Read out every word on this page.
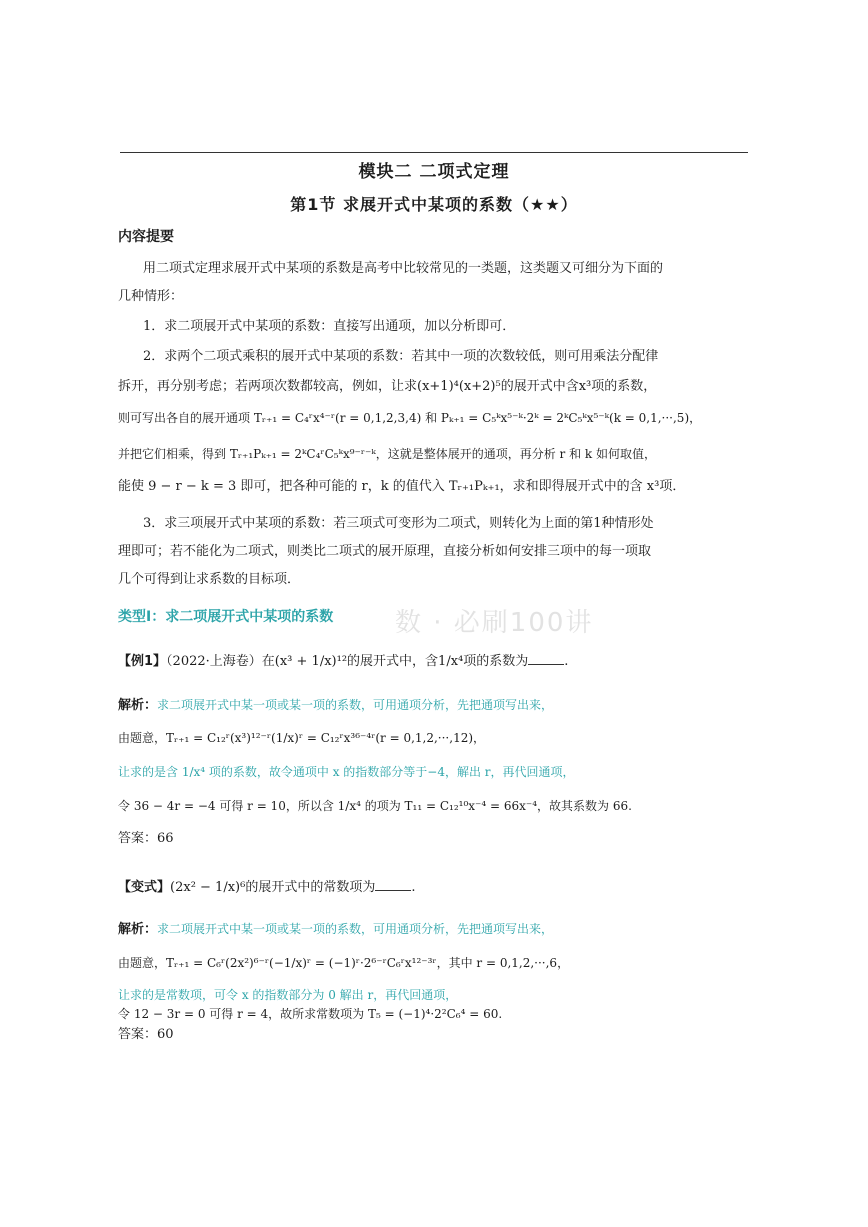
模块二 二项式定理
第1节 求展开式中某项的系数（★★）
内容提要
用二项式定理求展开式中某项的系数是高考中比较常见的一类题，这类题又可细分为下面的
几种情形：
1．求二项展开式中某项的系数：直接写出通项，加以分析即可．
2．求两个二项式乘积的展开式中某项的系数：若其中一项的次数较低，则可用乘法分配律
拆开，再分别考虑；若两项次数都较高，例如，让求(x+1)⁴(x+2)⁵的展开式中含x³项的系数，
则可写出各自的展开通项 Tᵣ₊₁ = C₄ʳx⁴⁻ʳ(r = 0,1,2,3,4) 和 Pₖ₊₁ = C₅ᵏx⁵⁻ᵏ·2ᵏ = 2ᵏC₅ᵏx⁵⁻ᵏ(k = 0,1,···,5)，
并把它们相乘，得到 Tᵣ₊₁Pₖ₊₁ = 2ᵏC₄ʳC₅ᵏx⁹⁻ʳ⁻ᵏ，这就是整体展开的通项，再分析 r 和 k 如何取值，
能使 9 − r − k = 3 即可，把各种可能的 r，k 的值代入 Tᵣ₊₁Pₖ₊₁，求和即得展开式中的含 x³项．
3．求三项展开式中某项的系数：若三项式可变形为二项式，则转化为上面的第1种情形处
理即可；若不能化为二项式，则类比二项式的展开原理，直接分析如何安排三项中的每一项取
几个可得到让求系数的目标项．
数 · 必刷100讲
类型Ⅰ：求二项展开式中某项的系数
【例1】（2022·上海卷）在(x³ + 1/x)¹²的展开式中，含1/x⁴项的系数为	.
解析：求二项展开式中某一项或某一项的系数，可用通项分析，先把通项写出来，
由题意，Tᵣ₊₁ = C₁₂ʳ(x³)¹²⁻ʳ(1/x)ʳ = C₁₂ʳx³⁶⁻⁴ʳ(r = 0,1,2,···,12)，
让求的是含 1/x⁴ 项的系数，故令通项中 x 的指数部分等于−4，解出 r，再代回通项，
令 36 − 4r = −4 可得 r = 10，所以含 1/x⁴ 的项为 T₁₁ = C₁₂¹⁰x⁻⁴ = 66x⁻⁴，故其系数为 66.
答案：66
【变式】(2x² − 1/x)⁶的展开式中的常数项为	.
解析：求二项展开式中某一项或某一项的系数，可用通项分析，先把通项写出来，
由题意，Tᵣ₊₁ = C₆ʳ(2x²)⁶⁻ʳ(−1/x)ʳ = (−1)ʳ·2⁶⁻ʳC₆ʳx¹²⁻³ʳ，其中 r = 0,1,2,···,6，
让求的是常数项，可令 x 的指数部分为 0 解出 r，再代回通项，
令 12 − 3r = 0 可得 r = 4，故所求常数项为 T₅ = (−1)⁴·2²C₆⁴ = 60.
答案：60
